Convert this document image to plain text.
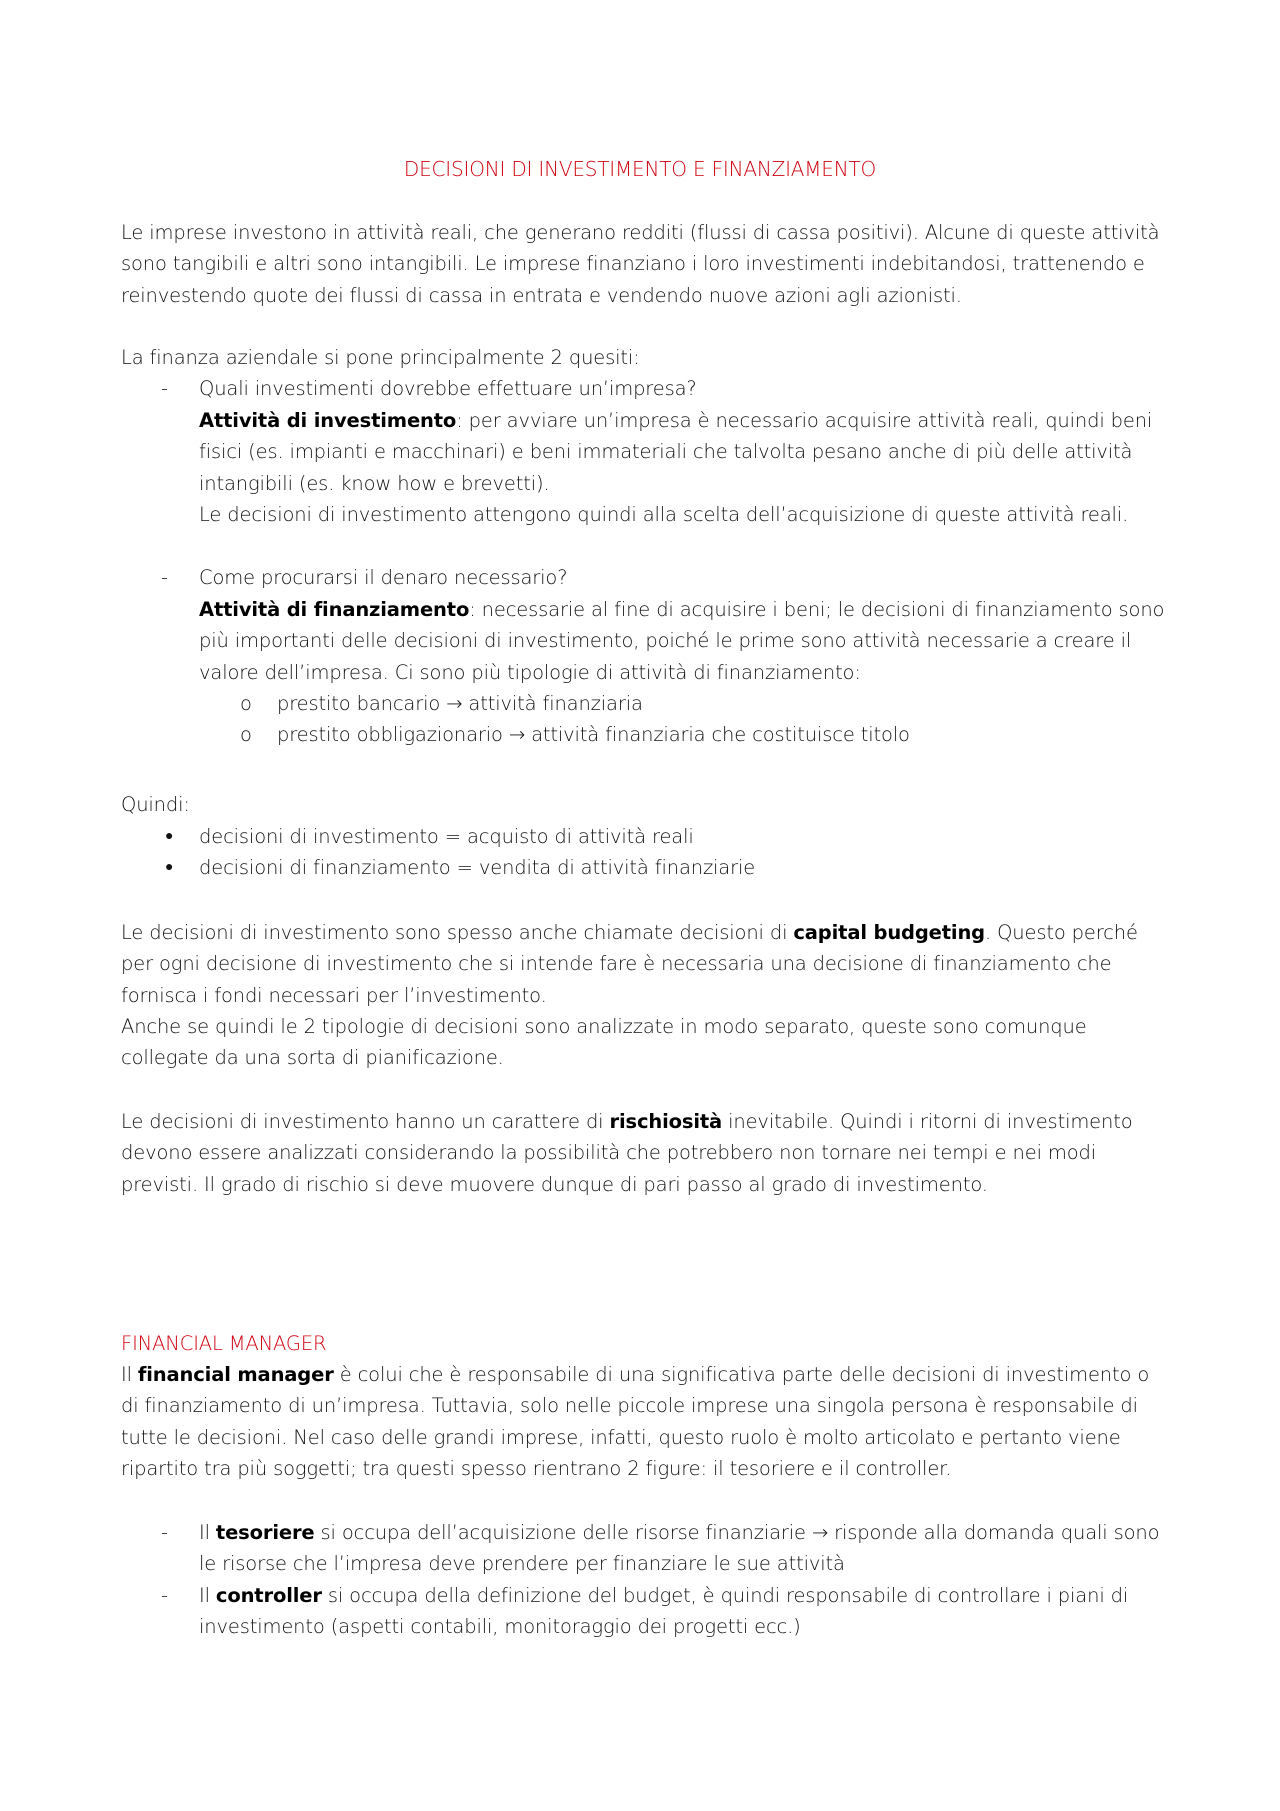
DECISIONI DI INVESTIMENTO E FINANZIAMENTO

Le imprese investono in attività reali, che generano redditi (flussi di cassa positivi). Alcune di queste attività sono tangibili e altri sono intangibili. Le imprese finanziano i loro investimenti indebitandosi, trattenendo e reinvestendo quote dei flussi di cassa in entrata e vendendo nuove azioni agli azionisti.

La finanza aziendale si pone principalmente 2 quesiti:
- Quali investimenti dovrebbe effettuare un’impresa?

Attività di investimento: per avviare un’impresa è necessario acquisire attività reali, quindi beni fisici (es. impianti e macchinari) e beni immateriali che talvolta pesano anche di più delle attività intangibili (es. know how e brevetti).

Le decisioni di investimento attengono quindi alla scelta dell’acquisizione di queste attività reali.

- Come procurarsi il denaro necessario?

Attività di finanziamento: necessarie al fine di acquisire i beni; le decisioni di finanziamento sono più importanti delle decisioni di investimento, poiché le prime sono attività necessarie a creare il valore dell’impresa. Ci sono più tipologie di attività di finanziamento:

o prestito bancario → attività finanziaria
o prestito obbligazionario → attività finanziaria che costituisce titolo
Quindi:
● decisioni di investimento = acquisto di attività reali
● decisioni di finanziamento = vendita di attività finanziarie

Le decisioni di investimento sono spesso anche chiamate decisioni di capital budgeting. Questo perché per ogni decisione di investimento che si intende fare è necessaria una decisione di finanziamento che fornisca i fondi necessari per l’investimento.

Anche se quindi le 2 tipologie di decisioni sono analizzate in modo separato, queste sono comunque collegate da una sorta di pianificazione.

Le decisioni di investimento hanno un carattere di rischiosità inevitabile. Quindi i ritorni di investimento devono essere analizzati considerando la possibilità che potrebbero non tornare nei tempi e nei modi previsti. Il grado di rischio si deve muovere dunque di pari passo al grado di investimento.

FINANCIAL MANAGER

Il financial manager è colui che è responsabile di una significativa parte delle decisioni di investimento o di finanziamento di un’impresa. Tuttavia, solo nelle piccole imprese una singola persona è responsabile di tutte le decisioni. Nel caso delle grandi imprese, infatti, questo ruolo è molto articolato e pertanto viene ripartito tra più soggetti; tra questi spesso rientrano 2 figure: il tesoriere e il controller.

- Il tesoriere si occupa dell’acquisizione delle risorse finanziarie → risponde alla domanda quali sono le risorse che l’impresa deve prendere per finanziare le sue attività

- Il controller si occupa della definizione del budget, è quindi responsabile di controllare i piani di investimento (aspetti contabili, monitoraggio dei progetti ecc.)
